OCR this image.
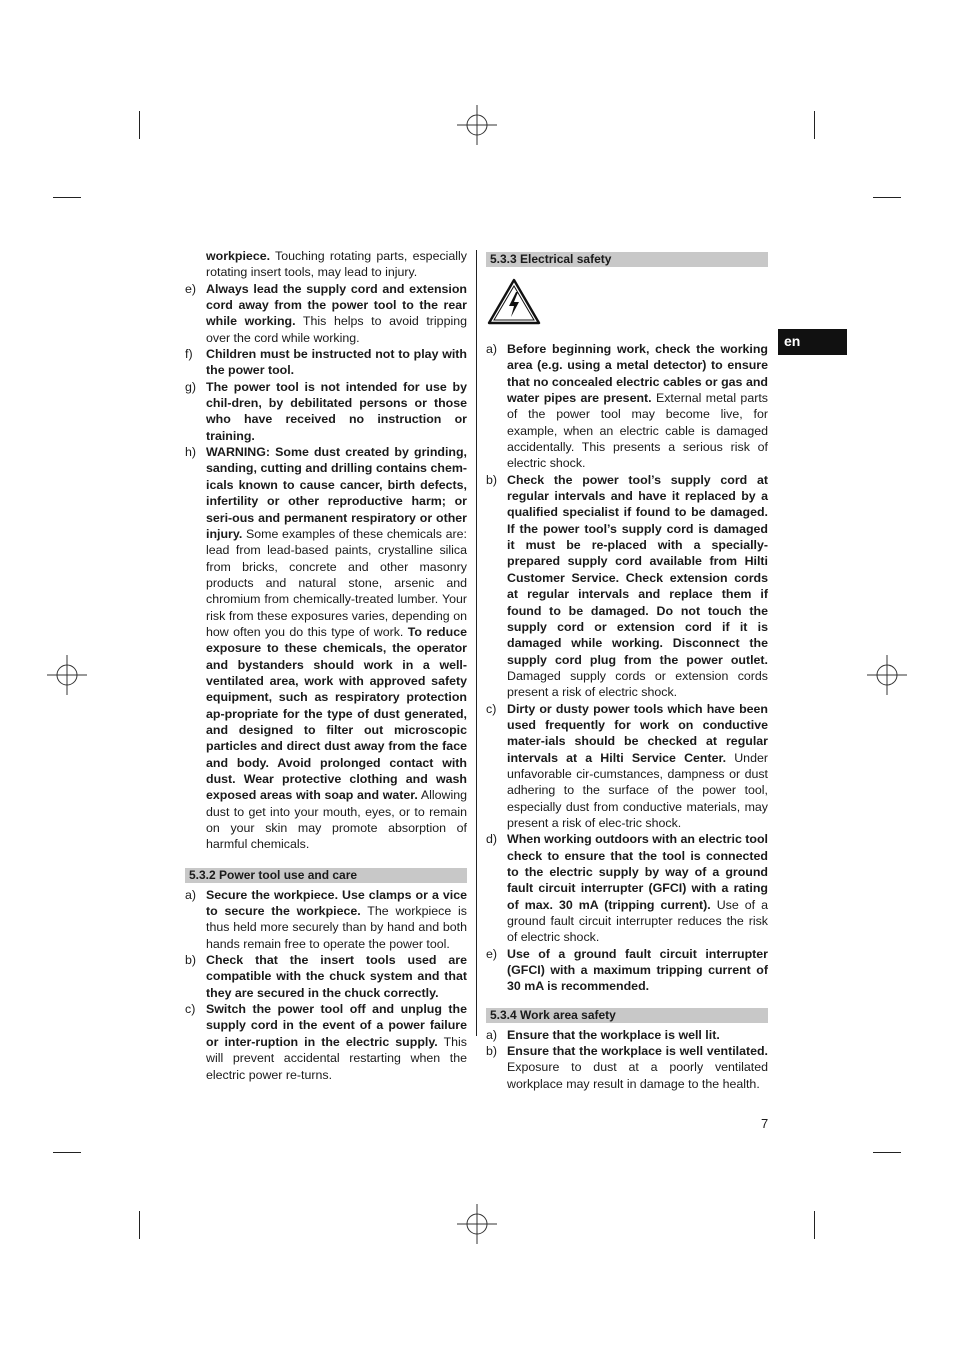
workpiece. Touching rotating parts, especially rotating insert tools, may lead to injury.

e) Always lead the supply cord and extension cord away from the power tool to the rear while working. This helps to avoid tripping over the cord while working.
f) Children must be instructed not to play with the power tool.
g) The power tool is not intended for use by chil-dren, by debilitated persons or those who have received no instruction or training.
h) WARNING: Some dust created by grinding, sanding, cutting and drilling contains chem-icals known to cause cancer, birth defects, infertility or other reproductive harm; or seri-ous and permanent respiratory or other injury. Some examples of these chemicals are: lead from lead-based paints, crystalline silica from bricks, concrete and other masonry products and natural stone, arsenic and chromium from chemically-treated lumber. Your risk from these exposures varies, depending on how often you do this type of work. To reduce exposure to these chemicals, the operator and bystanders should work in a well-ventilated area, work with approved safety equipment, such as respiratory protection ap-propriate for the type of dust generated, and designed to filter out microscopic particles and direct dust away from the face and body. Avoid prolonged contact with dust. Wear protective clothing and wash exposed areas with soap and water. Allowing dust to get into your mouth, eyes, or to remain on your skin may promote absorption of harmful chemicals.

5.3.2 Power tool use and care

a) Secure the workpiece. Use clamps or a vice to secure the workpiece. The workpiece is thus held more securely than by hand and both hands remain free to operate the power tool.
b) Check that the insert tools used are compatible with the chuck system and that they are secured in the chuck correctly.
c) Switch the power tool off and unplug the supply cord in the event of a power failure or inter-ruption in the electric supply. This will prevent accidental restarting when the electric power re-turns.

5.3.3 Electrical safety

a) Before beginning work, check the working area (e.g. using a metal detector) to ensure that no concealed electric cables or gas and water pipes are present. External metal parts of the power tool may become live, for example, when an electric cable is damaged accidentally. This presents a serious risk of electric shock.
b) Check the power tool’s supply cord at regular intervals and have it replaced by a qualified specialist if found to be damaged. If the power tool’s supply cord is damaged it must be re-placed with a specially-prepared supply cord available from Hilti Customer Service. Check extension cords at regular intervals and replace them if found to be damaged. Do not touch the supply cord or extension cord if it is damaged while working. Disconnect the supply cord plug from the power outlet. Damaged supply cords or extension cords present a risk of electric shock.
c) Dirty or dusty power tools which have been used frequently for work on conductive mater-ials should be checked at regular intervals at a Hilti Service Center. Under unfavorable cir-cumstances, dampness or dust adhering to the surface of the power tool, especially dust from conductive materials, may present a risk of elec-tric shock.
d) When working outdoors with an electric tool check to ensure that the tool is connected to the electric supply by way of a ground fault circuit interrupter (GFCI) with a rating of max. 30 mA (tripping current). Use of a ground fault circuit interrupter reduces the risk of electric shock.
e) Use of a ground fault circuit interrupter (GFCI) with a maximum tripping current of 30 mA is recommended.

5.3.4 Work area safety

a) Ensure that the workplace is well lit.
b) Ensure that the workplace is well ventilated. Exposure to dust at a poorly ventilated workplace may result in damage to the health.
en
7
